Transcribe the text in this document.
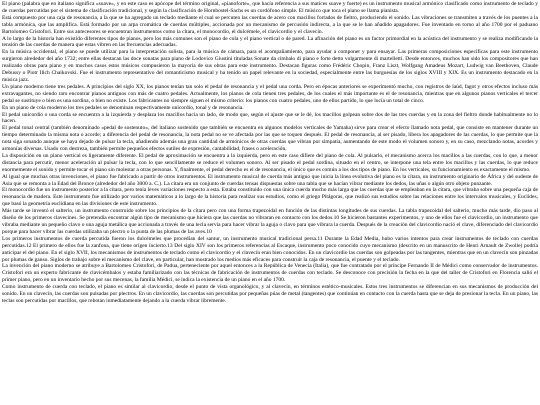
El piano (palabra que en italiano significa «suave», y en este caso es apócope del término original, «pianoforte», que hacía referencia a sus matices suave y fuerte) es un instrumento musical armónico clasificado como instrumento de teclado y de cuerdas percutidas por el sistema de clasificación tradicional, y según la clasificación de Hornbostel-Sachs es un cordófono simple. El músico que toca el piano se llama pianista.

Está compuesto por una caja de resonancia, a la que se ha agregado un teclado mediante el cual se percuten las cuerdas de acero con macillos forrados de fieltro, produciendo el sonido. Las vibraciones se transmiten a través de los puentes a la tabla armónica, que las amplifica. Está formado por un arpa cromática de cuerdas múltiples, accionada por un mecanismo de percusión indirecta, a la que se le han añadido apagadores. Fue inventado en torno al año 1700 por el paduano Bartolomeo Cristofori. Entre sus antecesores se encuentran instrumentos como la cítara, el monocordio, el dulcémele, el clavicordio y el clavecín.

A lo largo de la historia han existido diferentes tipos de pianos, pero los más comunes son el piano de cola y el piano vertical o de pared. La afinación del piano es un factor primordial en la acústica del instrumento y se realiza modificando la tensión de las cuerdas de manera que estas vibren en las frecuencias adecuadas.

En la música occidental, el piano se puede utilizar para la interpretación solista, para la música de cámara, para el acompañamiento, para ayudar a componer y para ensayar. Las primeras composiciones específicas para este instrumento surgieron alrededor del año 1732; entre ellas destacan las doce sonatas para piano de Lodovico Giustini tituladas Sonate da cimbalo di piano e forte detto volgarmente di martelletti. Desde entonces, muchos han sido los compositores que han realizado obras para piano y en muchos casos estos músicos compusieron la mayoría de sus obras para este instrumento. Destacan figuras como Frédéric Chopin, Franz Liszt, Wolfgang Amadeus Mozart, Ludwig van Beethoven, Claude Debussy o Piotr Ilich Chaikovski. Fue el instrumento representativo del romanticismo musical y ha tenido un papel relevante en la sociedad, especialmente entre las burguesías de los siglos XVIII y XIX. Es un instrumento destacado en la música jazz.

Un piano moderno tiene tres pedales. A principios del siglo XX, los pianos tenían tan solo el pedal de resonancia y el pedal una corda. Pero en épocas anteriores se experimentó mucho, con registros de laúd, fagot y otros efectos incluso más extravagantes, no siendo raro encontrar pianos antiguos con más de cuatro pedales. Actualmente, los pianos de cola tienen tres pedales, de los cuales el más importante es el de resonancia, mientras que en algunos pianos verticales el tercer pedal se sustituye o bien es una sordina, o bien no existe. Los fabricantes no siempre siguen el mismo criterio: los pianos con cuatro pedales, uno de ellos partido, lo que lucía un total de cinco.

En un piano de cola moderno los tres pedales se denominan respectivamente unicordio, tonal y de resonancia.

El pedal unicordio o una corda se encuentra a la izquierda y desplaza los macillos hacia un lado, de modo que, según el ajuste que se le dé, los macillos golpean sobre dos de las tres cuerdas y en la zona del fieltro donde habitualmente no lo hacen.

El pedal tonal central (también denominado «pedal de sostenuto», del italiano sostenido que también se encuentra en algunos modelos verticales de Yamaha) sirve para crear el efecto llamado nota pedal, que consiste en mantener durante un tiempo determinado la misma nota o acorde; a diferencia del pedal de resonancia, la nota pedal no se ve afectada por las que se toquen después. El pedal de resonancia, al ser pisado, libera los apagadores de las cuerdas, lo que permite que la nota siga sonando aunque se haya dejado de pulsar la tecla, añadiendo además una gran cantidad de armónicos de otras cuerdas que vibran por simpatía, aumentando de este modo el volumen sonoro y, en su caso, mezclando notas, acordes y armonías diversas. Usado con destreza, también permite pequeños efectos sutiles de expresión, cantabilidad, frases o aceleración.

La disposición en un piano vertical es ligeramente diferente. El pedal de aproximación se encuentra a la izquierda, pero en este caso difiere del piano de cola. Al pulsarlo, el mecanismo acerca los macillos a las cuerdas, con lo que, a menor distancia para percutir, menor aceleración al pulsar la tecla, con lo que sencillamente se reduce el volumen sonoro. Al ser pisado el pedal sordina, situado en el centro, se interpone una tela entre los macillos y las cuerdas, lo que reduce enormemente el sonido y permite tocar el piano sin molestar a otras personas. Y, finalmente, el pedal derecho es el de resonancia, el único que es común a los dos tipos de piano. En los verticales, su funcionamiento es exactamente el mismo.

Al igual que muchas otras invenciones, el piano fue fabricado a partir de otros instrumentos. El instrumento musical de cuerda más antiguo que inicia la línea evolutiva del piano es la cítara, un instrumento originario de África y del sudeste de Asia que se remonta a la Edad del Bronce (alrededor del año 3000 a. C.). La cítara era un conjunto de cuerdas tensas dispuestas sobre una tabla que se hacían vibrar mediante los dedos, las uñas o algún otro objeto punzante.

El monocordio fue un instrumento posterior a la cítara, pero tenía leves variaciones respecto a esta. Estaba constituido con una única cuerda mucho más larga que las cuerdas que se empleaban en la cítara, que vibraba sobre una pequeña caja de resonancia de madera. Este instrumento fue utilizado por varios matemáticos a lo largo de la historia para realizar sus estudios, como el griego Pitágoras, que realizó sus estudios sobre las relaciones entre los intervalos musicales, y Euclides, que basó la geometría euclidiana en las divisiones de este instrumento.

Más tarde se inventó el salterio, un instrumento construido sobre los principios de la cítara pero con una forma trapezoidal en función de las distintas longitudes de sus cuerdas. La tabla trapezoidal del salterio, mucho más tarde, dio paso al diseño de los primeros clavecines. Se pretendía encontrar algún tipo de mecanismo que hiciera que las cuerdas no vibraran en contacto con los dedos.10 Se hicieron bastantes experimentos, y uno de ellos fue el clavicordio, un instrumento que vibraba mediante un pequeño clavo o una aguja metálica que accionada a través de una tecla servía para hacer vibrar la aguja o clavo para que vibrara la cuerda. Después de la creación del clavicordio nació el clave, diferenciado del clavicordio porque para hacer vibrar las cuerdas utilizaba un plectro o la punta de las plumas de las aves.10

Los primeros instrumentos de cuerda percutida fueron los dulcémeles que procedían del santur, un instrumento musical tradicional persa.11 Durante la Edad Media, hubo varios intentos para crear instrumentos de teclado con cuerdas percutidas.12 El primero de ellos fue la zanfona, que tiene origen incierto.13 Del siglo XIV son los primeros referencias al Escaque, instrumento poco conocido cuyo mecanismo (descrito en un manuscrito de Henri Arnault de Zwolle) podría anticipar el del piano. En el siglo XVII, los mecanismos de instrumentos de teclado como el clavicordio y el clavecín eran bien conocidos. En un clavicordio las cuerdas son golpeadas por las tangentes, mientras que en un clavecín son pinzadas por plumas de ganso. Siglos de trabajo sobre el mecanismo del clave, en particular, han mostrado los medios más eficaces para construir la caja de resonancia, el puente y el teclado.

La invención del piano moderno se atribuye a Bartolomeo Cristofori, de Padua, perteneciente por aquel entonces a la República de Venecia (Italia), que fue contratado por el príncipe Fernando II de Médici como conservador de instrumentos. Cristofori era un experto fabricante de clavicémbalos y estaba familiarizado con las técnicas de fabricación de instrumentos de cuerdas con teclado. Se desconoce con precisión la fecha en la que del taller de Cristofori en Florencia salió el primer piano, pero en un inventario hecho por sus mecenas, la familia Médici, se indica la existencia de un piano en el año 1700.

Como instrumento de cuerda con teclado, el piano es similar al clavicordio, desde el punto de vista organológico, y al clavecín, en términos estético-musicales. Estos tres instrumentos se diferencian en sus mecanismos de producción del sonido. En un clavecín, las cuerdas son pulsadas por plectros. En un clavicordio, las cuerdas son percutidas por pequeñas púas de metal (tangentes) que continúan en contacto con la cuerda hasta que se deja de presionar la tecla. En un piano, las teclas son percutidas por macillos, que rebotan inmediatamente dejando a la cuerda vibrar libremente.
